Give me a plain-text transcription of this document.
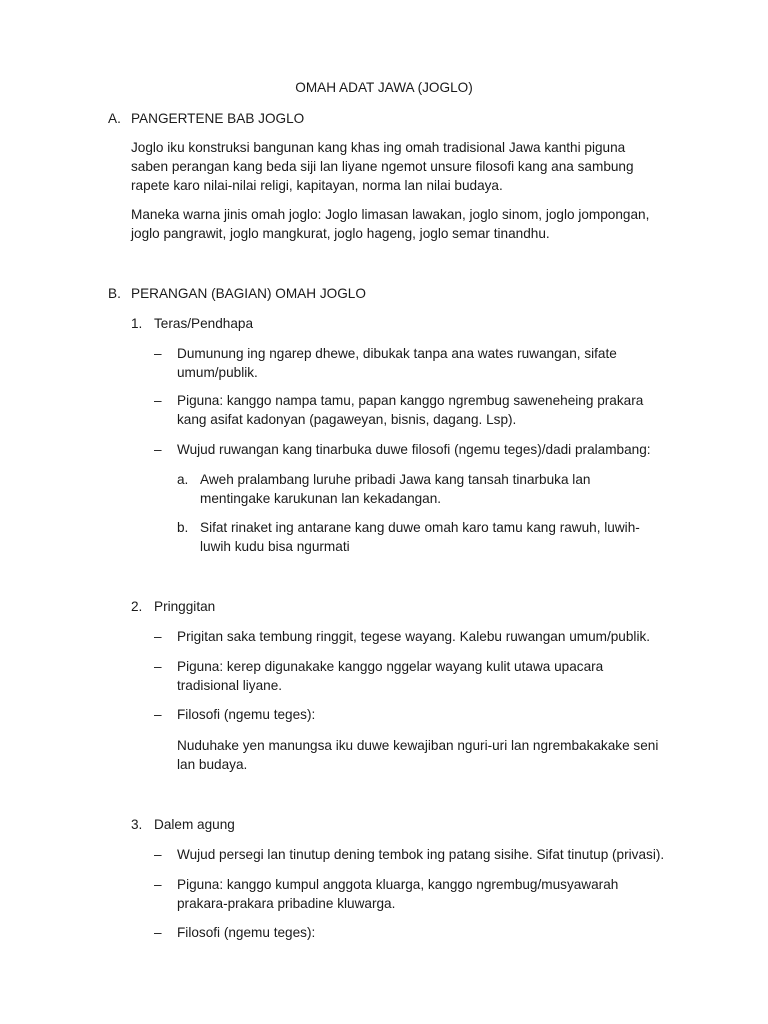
OMAH ADAT JAWA (JOGLO)
A. PANGERTENE BAB JOGLO
Joglo iku konstruksi bangunan kang khas ing omah tradisional Jawa kanthi piguna
saben perangan kang beda siji lan liyane ngemot unsure filosofi kang ana sambung
rapete karo nilai-nilai religi, kapitayan, norma lan nilai budaya.
Maneka warna jinis omah joglo: Joglo limasan lawakan, joglo sinom, joglo jompongan,
joglo pangrawit, joglo mangkurat, joglo hageng, joglo semar tinandhu.
B. PERANGAN (BAGIAN) OMAH JOGLO
1. Teras/Pendhapa
– Dumunung ing ngarep dhewe, dibukak tanpa ana wates ruwangan, sifate
umum/publik.
– Piguna: kanggo nampa tamu, papan kanggo ngrembug saweneheing prakara
kang asifat kadonyan (pagaweyan, bisnis, dagang. Lsp).
– Wujud ruwangan kang tinarbuka duwe filosofi (ngemu teges)/dadi pralambang:
a. Aweh pralambang luruhe pribadi Jawa kang tansah tinarbuka lan
mentingake karukunan lan kekadangan.
b. Sifat rinaket ing antarane kang duwe omah karo tamu kang rawuh, luwih-
luwih kudu bisa ngurmati
2. Pringgitan
– Prigitan saka tembung ringgit, tegese wayang. Kalebu ruwangan umum/publik.
– Piguna: kerep digunakake kanggo nggelar wayang kulit utawa upacara
tradisional liyane.
– Filosofi (ngemu teges):
Nuduhake yen manungsa iku duwe kewajiban nguri-uri lan ngrembakakake seni
lan budaya.
3. Dalem agung
– Wujud persegi lan tinutup dening tembok ing patang sisihe. Sifat tinutup (privasi).
– Piguna: kanggo kumpul anggota kluarga, kanggo ngrembug/musyawarah
prakara-prakara pribadine kluwarga.
– Filosofi (ngemu teges):
